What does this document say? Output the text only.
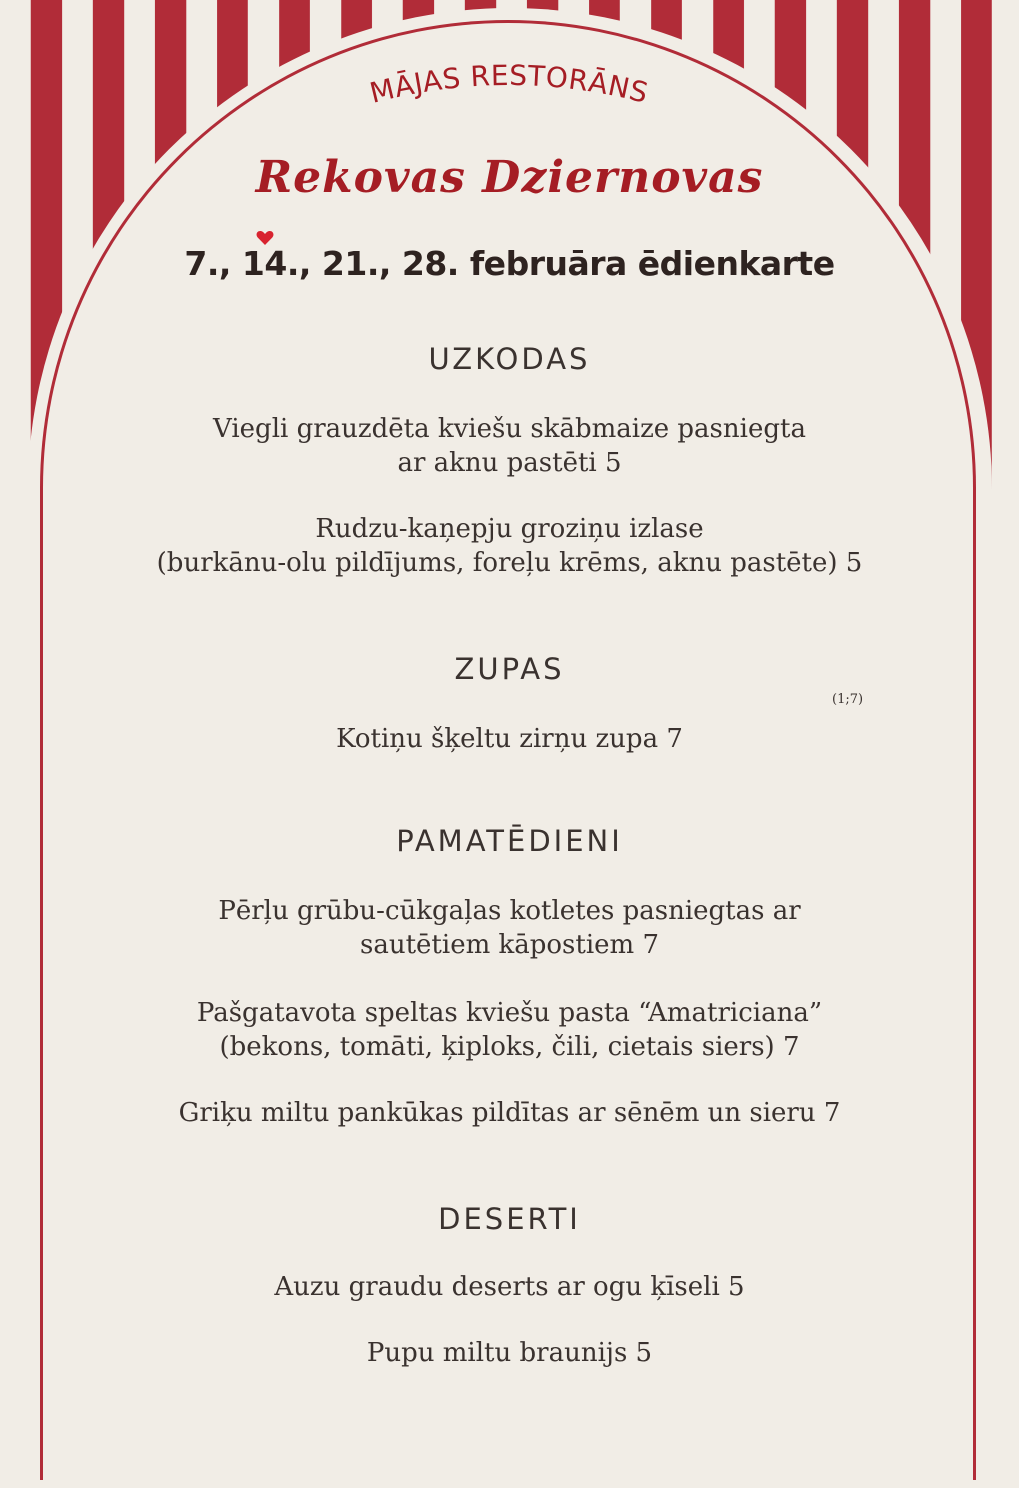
MĀJAS RESTORĀNS
Rekovas Dziernovas
7., 14., 21., 28. februāra ēdienkarte
UZKODAS
Viegli grauzdēta kviešu skābmaize pasniegta
ar aknu pastēti 5
Rudzu-kaņepju groziņu izlase
(burkānu-olu pildījums, foreļu krēms, aknu pastēte) 5
ZUPAS
(1;7)
Kotiņu šķeltu zirņu zupa 7
PAMATĒDIENI
Pērļu grūbu-cūkgaļas kotletes pasniegtas ar
sautētiem kāpostiem 7
Pašgatavota speltas kviešu pasta “Amatriciana”
(bekons, tomāti, ķiploks, čili, cietais siers) 7
Griķu miltu pankūkas pildītas ar sēnēm un sieru 7
DESERTI
Auzu graudu deserts ar ogu ķīseli 5
Pupu miltu braunijs 5
